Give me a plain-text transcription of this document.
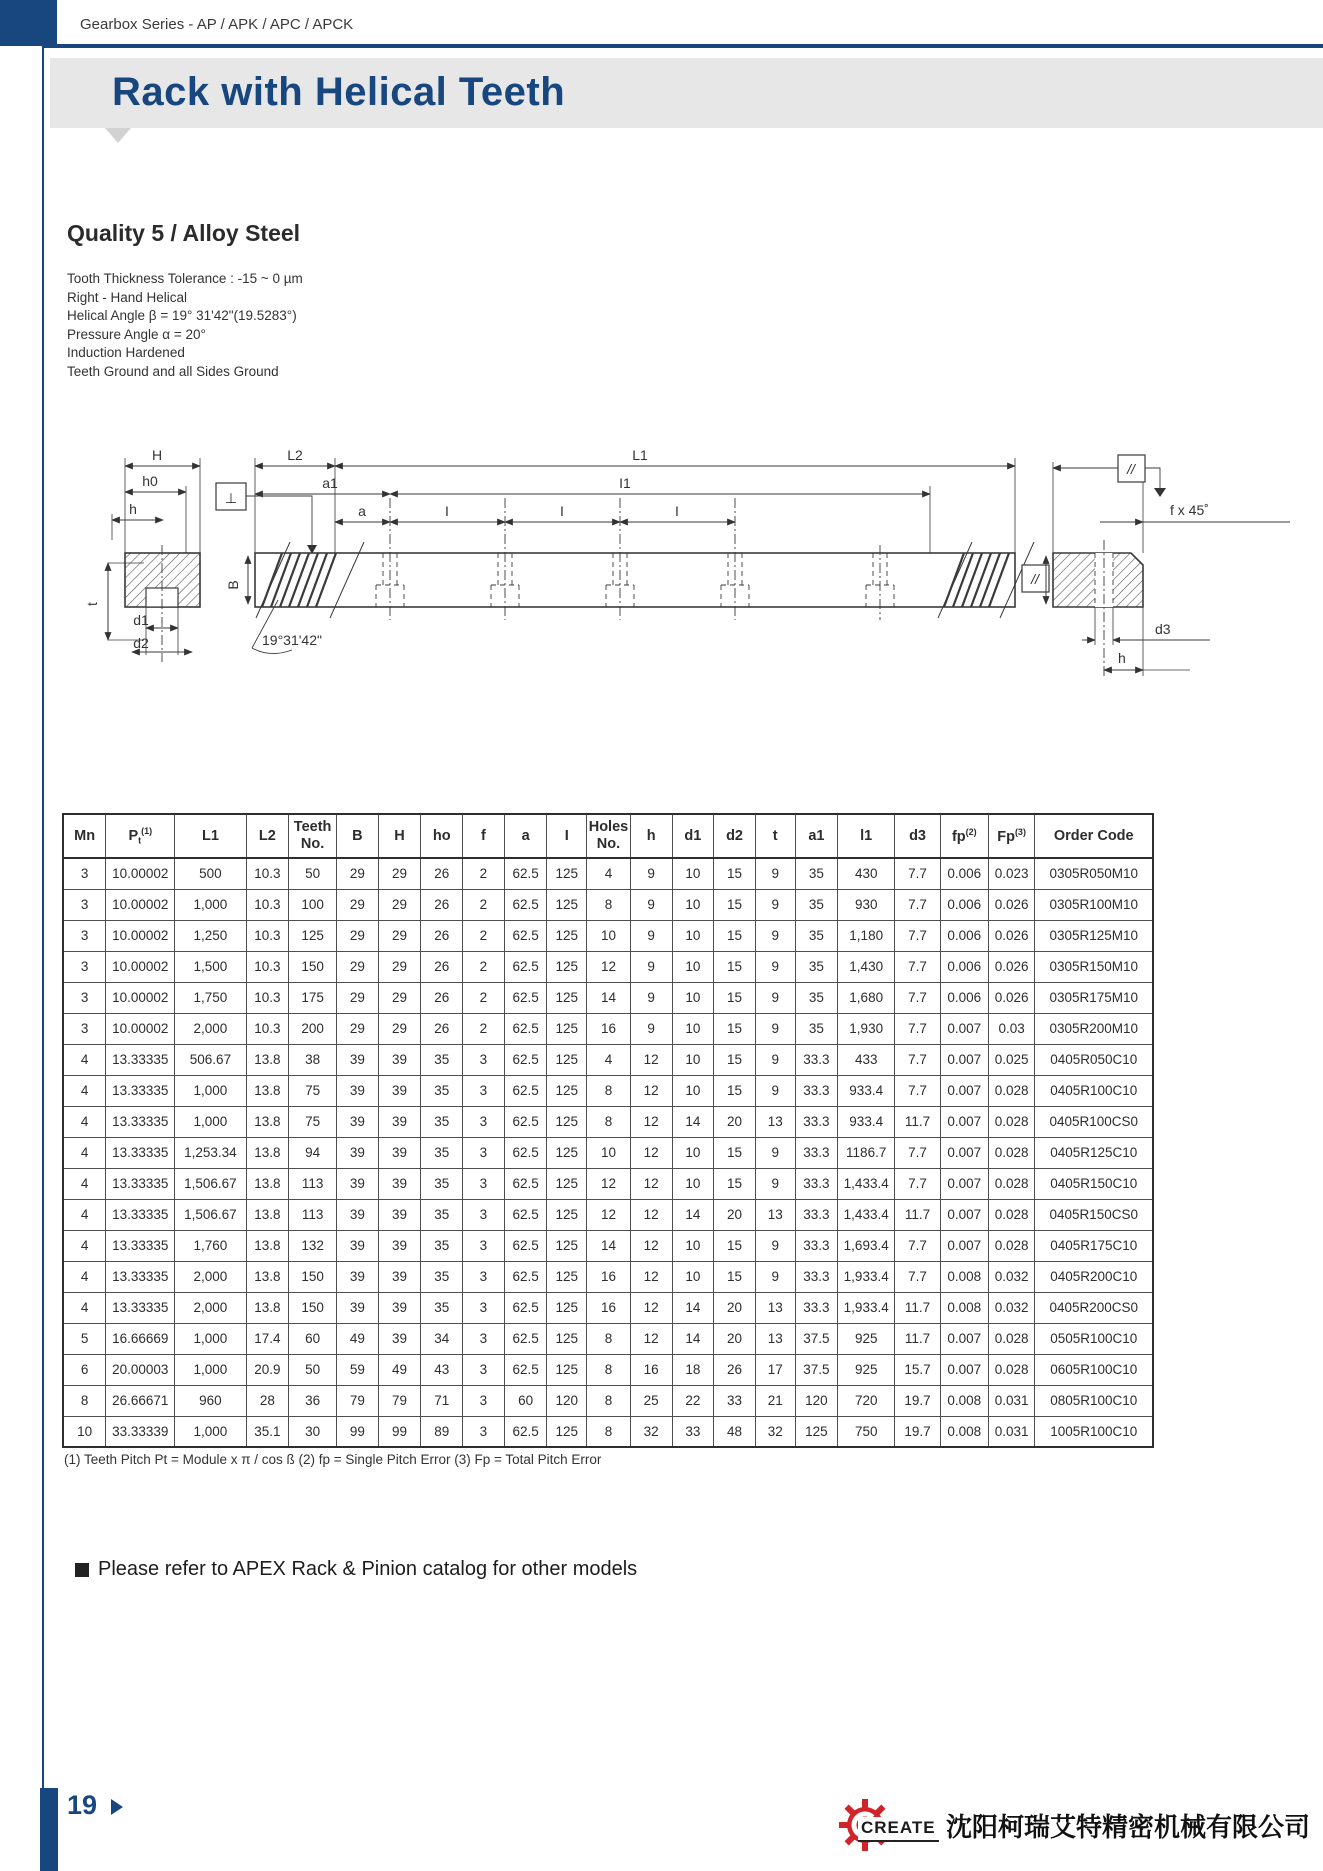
Gearbox Series - AP / APK / APC / APCK
Rack with Helical Teeth
Quality 5 / Alloy Steel
Tooth Thickness Tolerance : -15 ~ 0 µm
Right - Hand Helical
Helical Angle β = 19° 31'42"(19.5283°)
Pressure Angle α = 20°
Induction Hardened
Teeth Ground and all Sides Ground
H
h0
h
⊥
B
t
d1
d2
L2	L1
a1	I1
a	I	I	I
19°31'42"
//
//
f x 45˚
d3
h
Mn	$P_t^{(1)}$	L1	L2	Teeth No.	B	H	ho	f	a	I	Holes No.	h	d1	d2	t	a1	l1	d3	$fp^{(2)}$	Fp$^{(3)}$	Order Code
3	10.00002	500	10.3	50	29	29	26	2	62.5	125	4	9	10	15	9	35	430	7.7	0.006	0.023	0305R050M10
3	10.00002	1,000	10.3	100	29	29	26	2	62.5	125	8	9	10	15	9	35	930	7.7	0.006	0.026	0305R100M10
3	10.00002	1,250	10.3	125	29	29	26	2	62.5	125	10	9	10	15	9	35	1,180	7.7	0.006	0.026	0305R125M10
3	10.00002	1,500	10.3	150	29	29	26	2	62.5	125	12	9	10	15	9	35	1,430	7.7	0.006	0.026	0305R150M10
3	10.00002	1,750	10.3	175	29	29	26	2	62.5	125	14	9	10	15	9	35	1,680	7.7	0.006	0.026	0305R175M10
3	10.00002	2,000	10.3	200	29	29	26	2	62.5	125	16	9	10	15	9	35	1,930	7.7	0.007	0.03	0305R200M10
4	13.33335	506.67	13.8	38	39	39	35	3	62.5	125	4	12	10	15	9	33.3	433	7.7	0.007	0.025	0405R050C10
4	13.33335	1,000	13.8	75	39	39	35	3	62.5	125	8	12	10	15	9	33.3	933.4	7.7	0.007	0.028	0405R100C10
4	13.33335	1,000	13.8	75	39	39	35	3	62.5	125	8	12	14	20	13	33.3	933.4	11.7	0.007	0.028	0405R100CS0
4	13.33335	1,253.34	13.8	94	39	39	35	3	62.5	125	10	12	10	15	9	33.3	1186.7	7.7	0.007	0.028	0405R125C10
4	13.33335	1,506.67	13.8	113	39	39	35	3	62.5	125	12	12	10	15	9	33.3	1,433.4	7.7	0.007	0.028	0405R150C10
4	13.33335	1,506.67	13.8	113	39	39	35	3	62.5	125	12	12	14	20	13	33.3	1,433.4	11.7	0.007	0.028	0405R150CS0
4	13.33335	1,760	13.8	132	39	39	35	3	62.5	125	14	12	10	15	9	33.3	1,693.4	7.7	0.007	0.028	0405R175C10
4	13.33335	2,000	13.8	150	39	39	35	3	62.5	125	16	12	10	15	9	33.3	1,933.4	7.7	0.008	0.032	0405R200C10
4	13.33335	2,000	13.8	150	39	39	35	3	62.5	125	16	12	14	20	13	33.3	1,933.4	11.7	0.008	0.032	0405R200CS0
5	16.66669	1,000	17.4	60	49	39	34	3	62.5	125	8	12	14	20	13	37.5	925	11.7	0.007	0.028	0505R100C10
6	20.00003	1,000	20.9	50	59	49	43	3	62.5	125	8	16	18	26	17	37.5	925	15.7	0.007	0.028	0605R100C10
8	26.66671	960	28	36	79	79	71	3	60	120	8	25	22	33	21	120	720	19.7	0.008	0.031	0805R100C10
10	33.33339	1,000	35.1	30	99	99	89	3	62.5	125	8	32	33	48	32	125	750	19.7	0.008	0.031	1005R100C10
(1) Teeth Pitch Pt = Module x π / cos ß (2) fp = Single Pitch Error (3) Fp = Total Pitch Error
Please refer to APEX Rack & Pinion catalog for other models
19
CREATE 沈阳柯瑞艾特精密机械有限公司
